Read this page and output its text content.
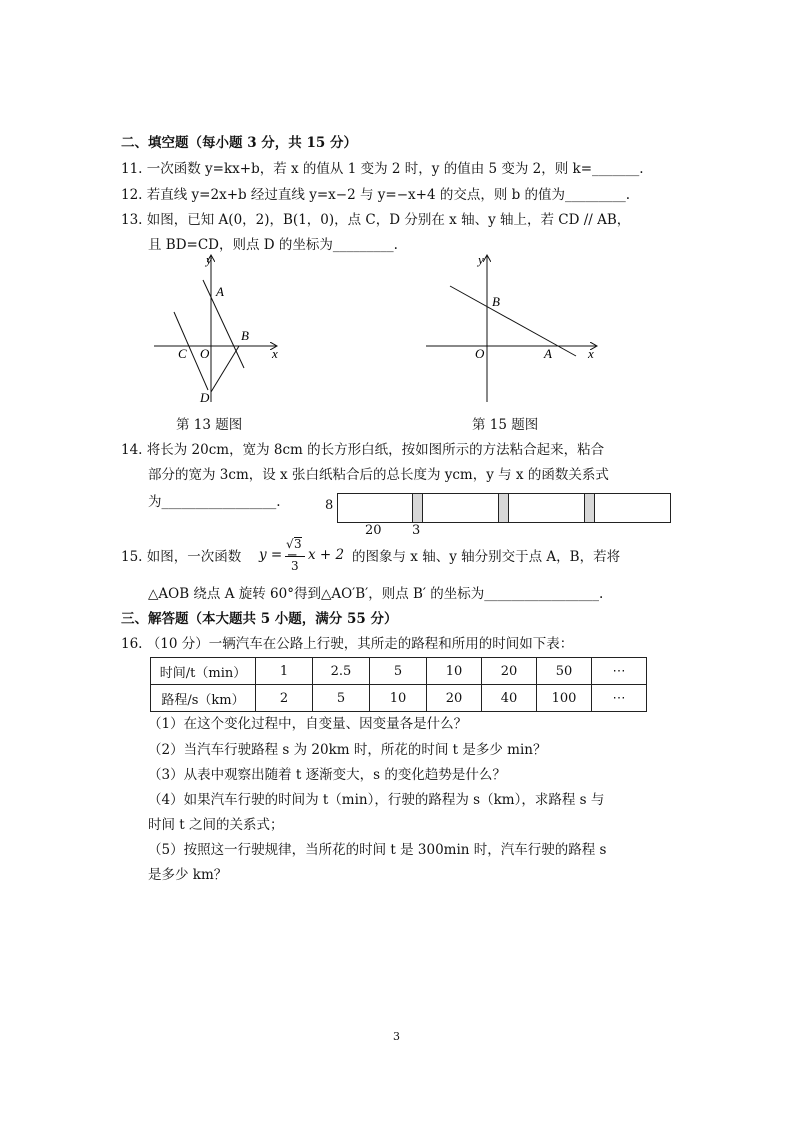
二、填空题（每小题 3 分，共 15 分）
11. 一次函数 y=kx+b，若 x 的值从 1 变为 2 时，y 的值由 5 变为 2，则 k=_______.
12. 若直线 y=2x+b 经过直线 y=x−2 与 y=−x+4 的交点，则 b 的值为_________.
13. 如图，已知 A(0，2)，B(1，0)，点 C，D 分别在 x 轴、y 轴上，若 CD // AB，
且 BD=CD，则点 D 的坐标为_________.
y
x
A
B
C O
D
第 13 题图
y
x
B
O	A
第 15 题图
14. 将长为 20cm，宽为 8cm 的长方形白纸，按如图所示的方法粘合起来，粘合
部分的宽为 3cm，设 x 张白纸粘合后的总长度为 ycm，y 与 x 的函数关系式
为_________________.	8
20 3
15. 如图，一次函数 y = −
√ 3
3
x + 2 的图象与 x 轴、y 轴分别交于点 A，B，若将
△AOB 绕点 A 旋转 60°得到△AO′B′，则点 B′ 的坐标为_________________.
三、解答题（本大题共 5 小题，满分 55 分）
16. （10 分）一辆汽车在公路上行驶，其所走的路程和所用的时间如下表：
时间/t（min）	1	2.5	5	10	20	50	⋯
路程/s（km）	2	5	10	20	40	100	⋯
（1）在这个变化过程中，自变量、因变量各是什么？
（2）当汽车行驶路程 s 为 20km 时，所花的时间 t 是多少 min？
（3）从表中观察出随着 t 逐渐变大，s 的变化趋势是什么？
（4）如果汽车行驶的时间为 t（min），行驶的路程为 s（km），求路程 s 与
时间 t 之间的关系式；
（5）按照这一行驶规律，当所花的时间 t 是 300min 时，汽车行驶的路程 s
是多少 km？
3
